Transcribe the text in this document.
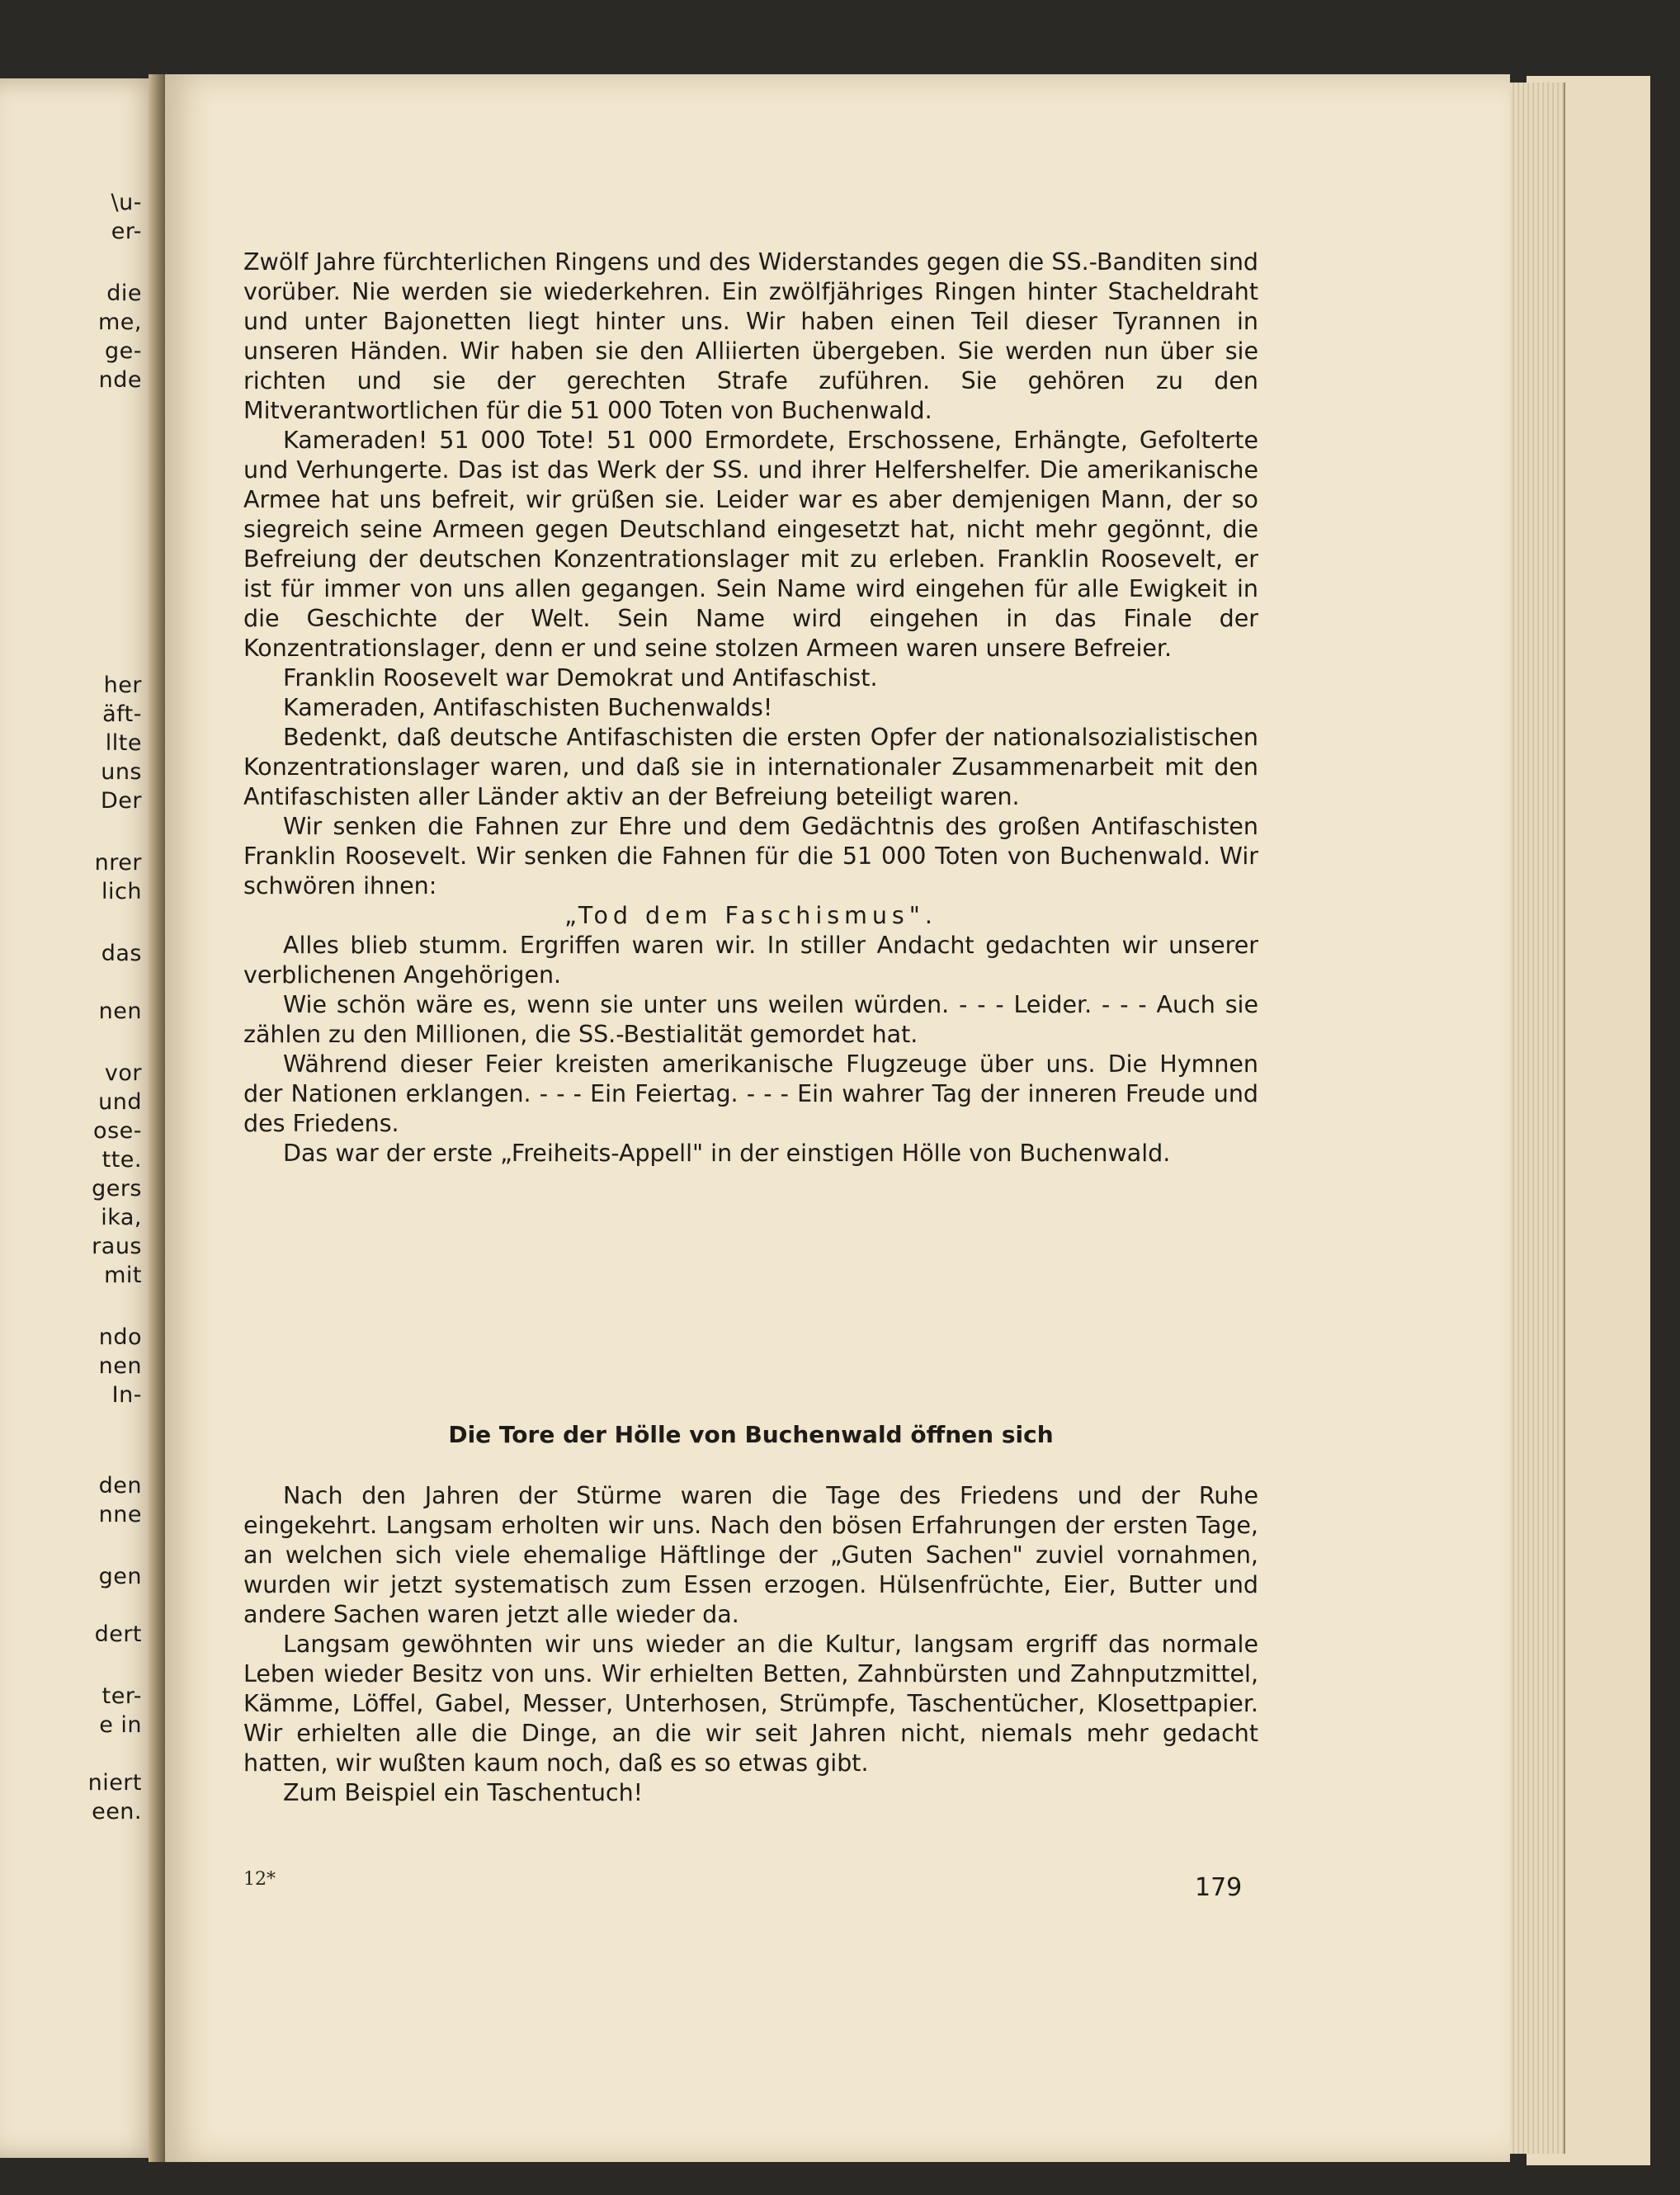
\u-
er-
die
me,
ge-
nde
her
äft-
llte
uns
Der
nrer
lich
das
nen
vor
und
ose-
tte.
gers
ika,
raus
mit
ndo
nen
In-
den
nne
gen
dert
ter-
e in
niert
een.

Zwölf Jahre fürchterlichen Ringens und des Widerstandes gegen die SS.-Banditen sind vorüber. Nie werden sie wiederkehren. Ein zwölfjähriges Ringen hinter Stacheldraht und unter Bajonetten liegt hinter uns. Wir haben einen Teil dieser Tyrannen in unseren Händen. Wir haben sie den Alliierten übergeben. Sie werden nun über sie richten und sie der gerechten Strafe zuführen. Sie gehören zu den Mitverantwortlichen für die 51 000 Toten von Buchenwald.

Kameraden! 51 000 Tote! 51 000 Ermordete, Erschossene, Erhängte, Gefolterte und Verhungerte. Das ist das Werk der SS. und ihrer Helfershelfer. Die amerikanische Armee hat uns befreit, wir grüßen sie. Leider war es aber demjenigen Mann, der so siegreich seine Armeen gegen Deutschland eingesetzt hat, nicht mehr gegönnt, die Befreiung der deutschen Konzentrationslager mit zu erleben. Franklin Roosevelt, er ist für immer von uns allen gegangen. Sein Name wird eingehen für alle Ewigkeit in die Geschichte der Welt. Sein Name wird eingehen in das Finale der Konzentrationslager, denn er und seine stolzen Armeen waren unsere Befreier.

Franklin Roosevelt war Demokrat und Antifaschist.

Kameraden, Antifaschisten Buchenwalds!

Bedenkt, daß deutsche Antifaschisten die ersten Opfer der nationalsozialistischen Konzentrationslager waren, und daß sie in internationaler Zusammenarbeit mit den Antifaschisten aller Länder aktiv an der Befreiung beteiligt waren.

Wir senken die Fahnen zur Ehre und dem Gedächtnis des großen Antifaschisten Franklin Roosevelt. Wir senken die Fahnen für die 51 000 Toten von Buchenwald. Wir schwören ihnen:

„Tod dem Faschismus".

Alles blieb stumm. Ergriffen waren wir. In stiller Andacht gedachten wir unserer verblichenen Angehörigen.

Wie schön wäre es, wenn sie unter uns weilen würden. - - - Leider. - - - Auch sie zählen zu den Millionen, die SS.-Bestialität gemordet hat.

Während dieser Feier kreisten amerikanische Flugzeuge über uns. Die Hymnen der Nationen erklangen. - - - Ein Feiertag. - - - Ein wahrer Tag der inneren Freude und des Friedens.

Das war der erste „Freiheits-Appell" in der einstigen Hölle von Buchenwald.

Die Tore der Hölle von Buchenwald öffnen sich

Nach den Jahren der Stürme waren die Tage des Friedens und der Ruhe eingekehrt. Langsam erholten wir uns. Nach den bösen Erfahrungen der ersten Tage, an welchen sich viele ehemalige Häftlinge der „Guten Sachen" zuviel vornahmen, wurden wir jetzt systematisch zum Essen erzogen. Hülsenfrüchte, Eier, Butter und andere Sachen waren jetzt alle wieder da.

Langsam gewöhnten wir uns wieder an die Kultur, langsam ergriff das normale Leben wieder Besitz von uns. Wir erhielten Betten, Zahnbürsten und Zahnputzmittel, Kämme, Löffel, Gabel, Messer, Unterhosen, Strümpfe, Taschentücher, Klosettpapier. Wir erhielten alle die Dinge, an die wir seit Jahren nicht, niemals mehr gedacht hatten, wir wußten kaum noch, daß es so etwas gibt.

Zum Beispiel ein Taschentuch!

12*	179
